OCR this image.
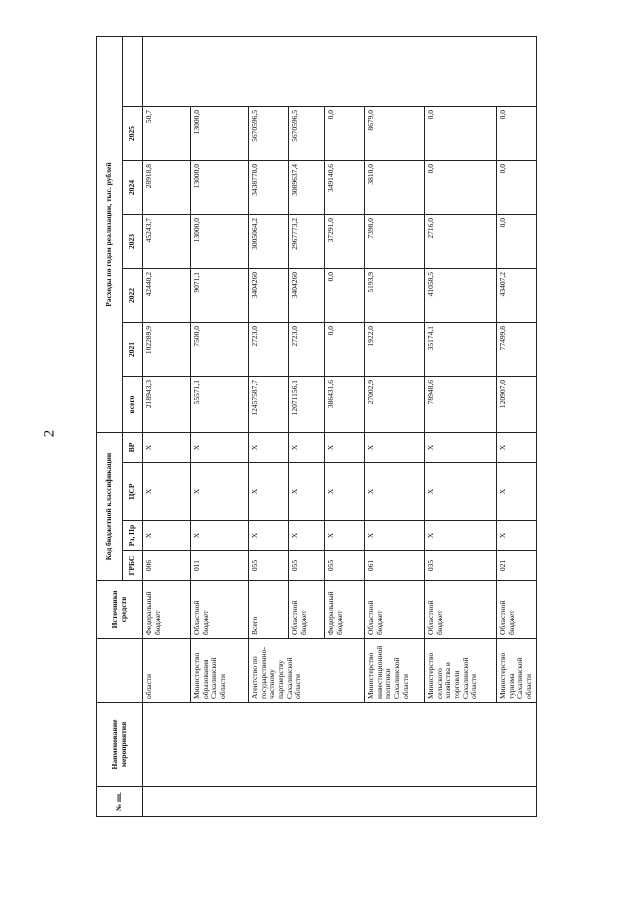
2
№ пп.	Наименование мероприятия		Источники средств	Код бюджетной классификации				Расходы по годам реализации, тыс. рублей						
				ГРБС	Рз, Пр	ЦСР	ВР	всего	2021	2022	2023	2024	2025	
		области	Федеральный бюджет	006	X	X	X	218943,3	102289,9	42440,2	45243,7	28918,8	50,7	
		Министерство образования Сахалинской области	Областной бюджет	011	X	X	X	55571,1	7500,0	9071,1	13000,0	13000,0	13000,0	
		Агентство по государственно-частному партнерству Сахалинской области	Всего	055	X	X	X	12457587,7	2723,0	3404260	3005064,2	3438778,0	5670596,5	
			Областной бюджет	055	X	X	X	12071156,1	2723,0	3404260	2967773,2	3089637,4	5670596,5	
			Федеральный бюджет	055	X	X	X	386431,6	0,0	0,0	37291,0	349140,6	0,0	
		Министерство инвестиционной политики Сахалинской области	Областной бюджет	061	X	X	X	27002,9	1922,0	5193,9	7398,0	3810,0	8679,0	
		Министерство сельского хозяйства и торговли Сахалинской области	Областной бюджет	035	X	X	X	78948,6	35174,1	41058,5	2716,0	0,0	0,0	
		Министерство туризма Сахалинской области	Областной бюджет	021	X	X	X	120907,0	77499,8	43407,2	0,0	0,0	0,0	
